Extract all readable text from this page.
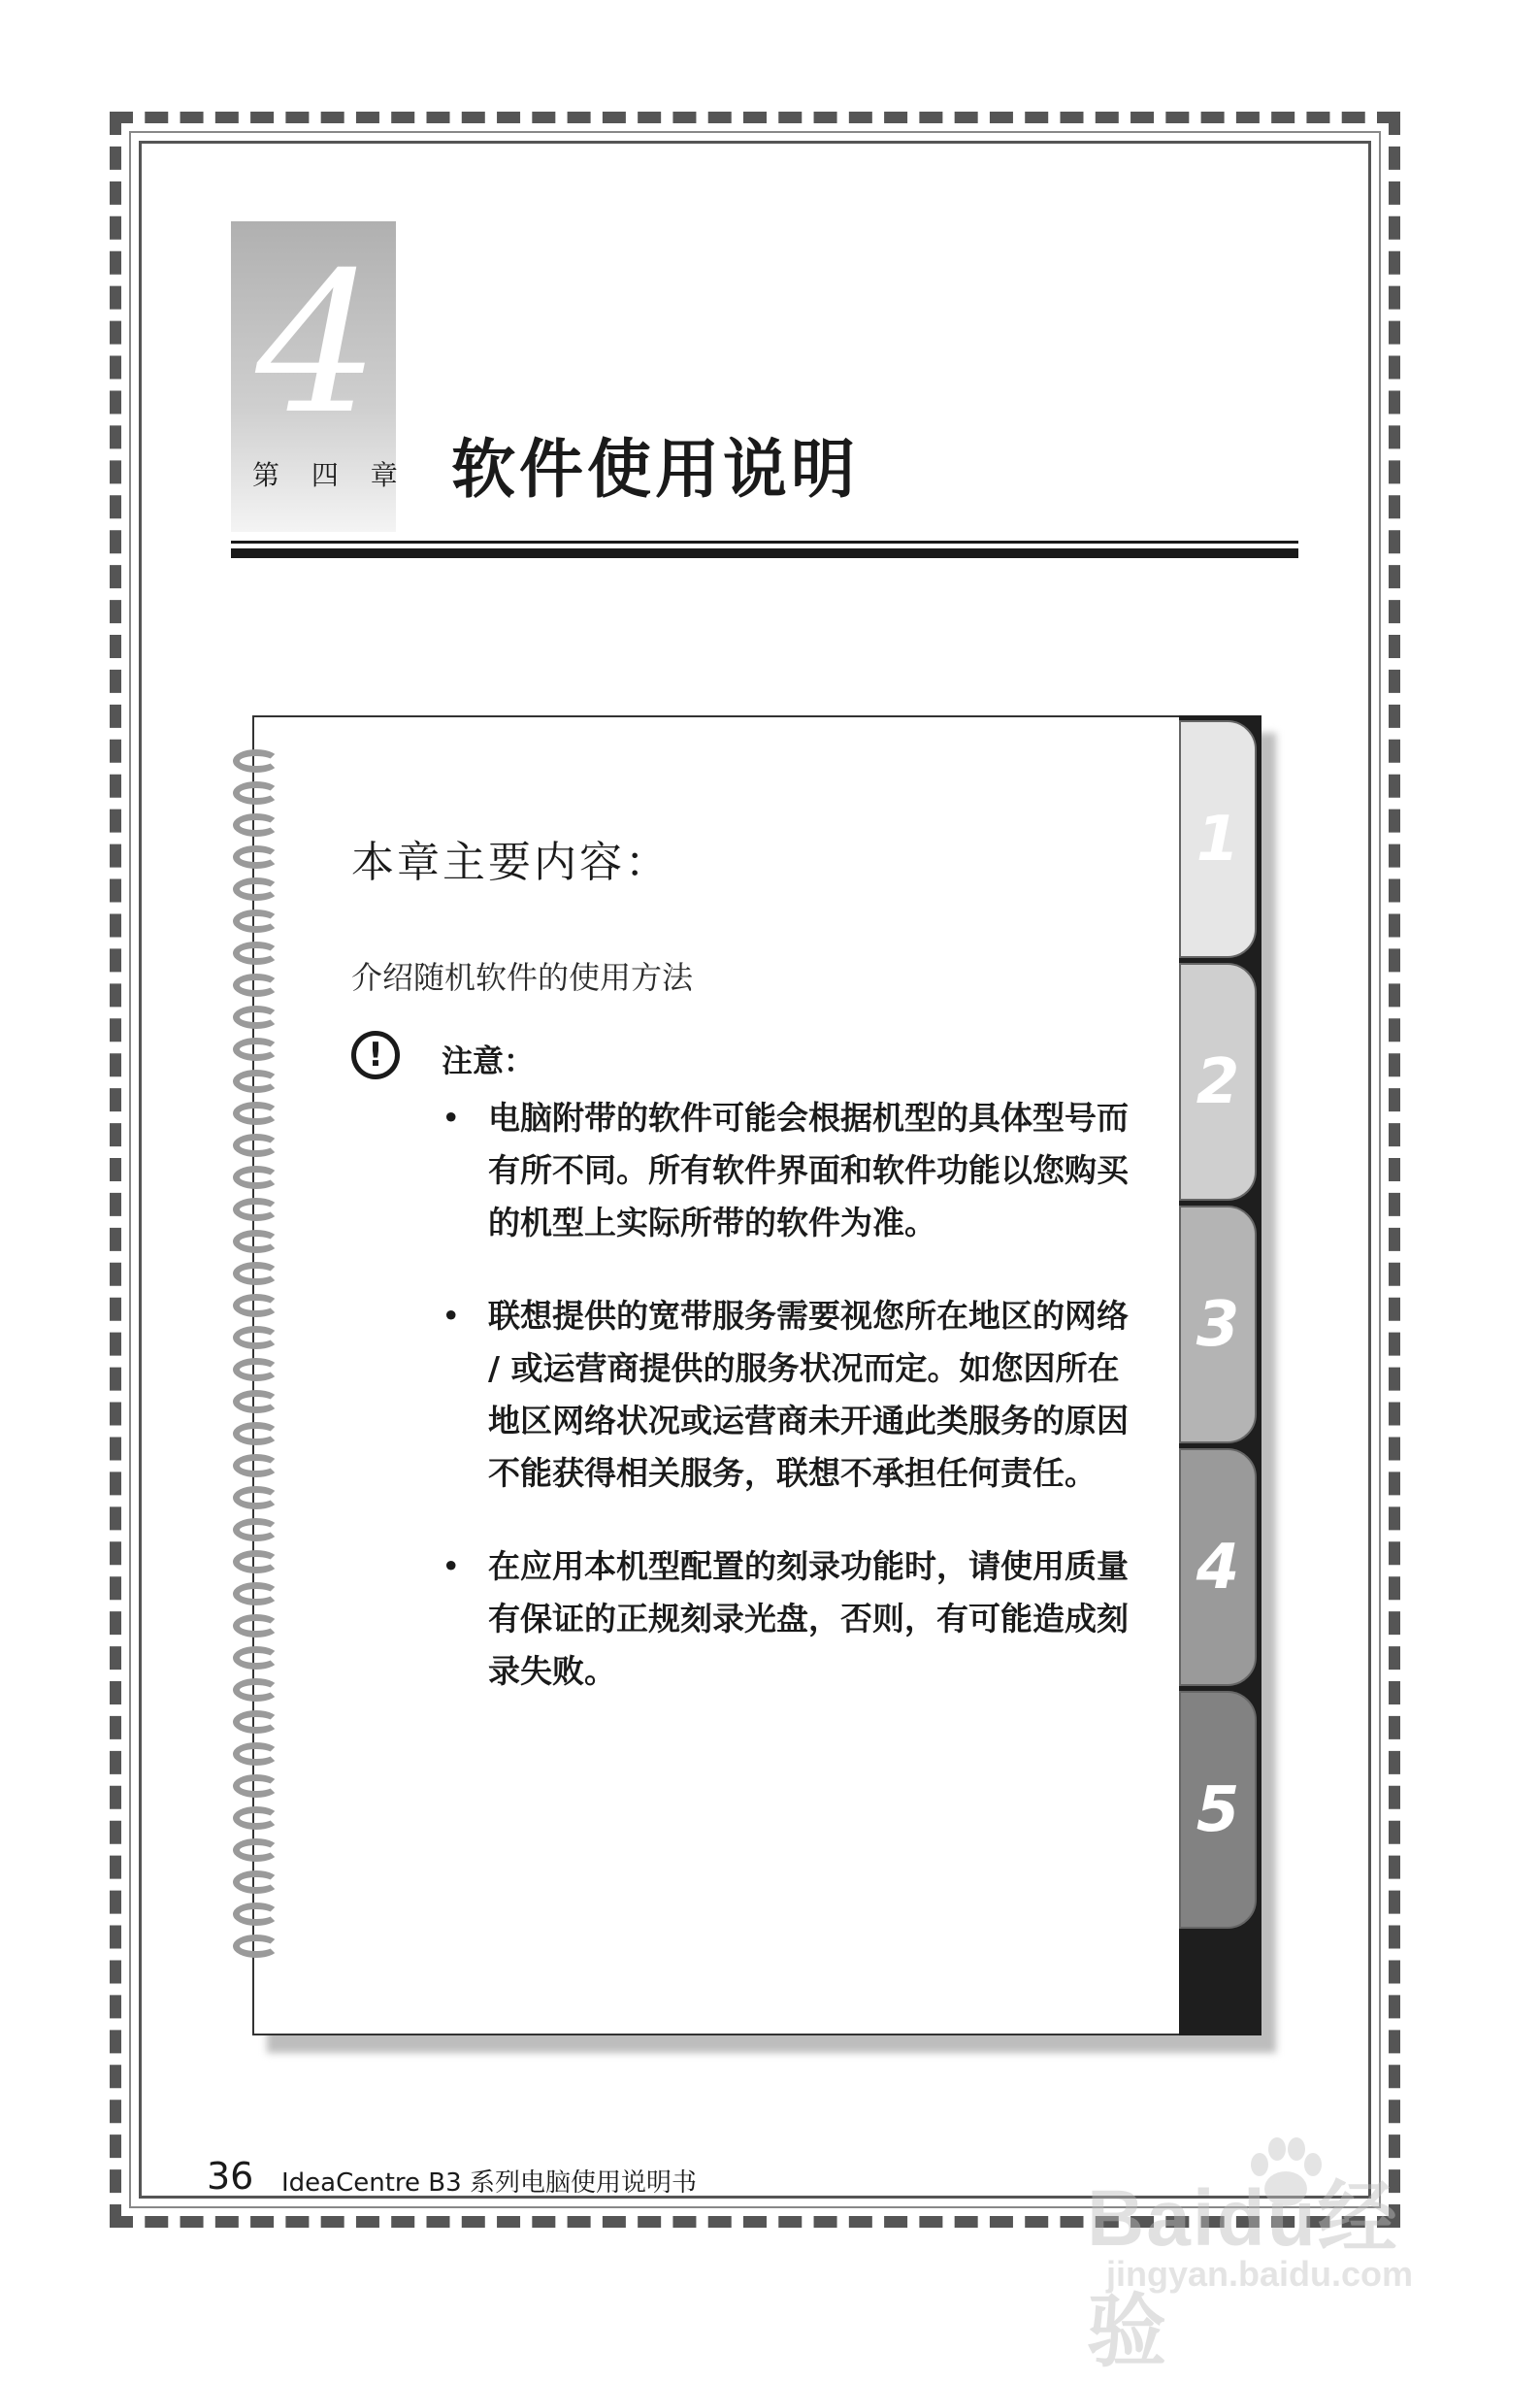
4
第 四 章 软件使用说明
1
2
3
4
5
本章主要内容：
介绍随机软件的使用方法
!	注意：
• 电脑附带的软件可能会根据机型的具体型号而有所不同。所有软件界面和软件功能以您购买的机型上实际所带的软件为准。
• 联想提供的宽带服务需要视您所在地区的网络 / 或运营商提供的服务状况而定。如您因所在地区网络状况或运营商未开通此类服务的原因不能获得相关服务，联想不承担任何责任。
• 在应用本机型配置的刻录功能时，请使用质量有保证的正规刻录光盘，否则，有可能造成刻录失败。
36 IdeaCentre B3 系列电脑使用说明书	Baidu经验
jingyan.baidu.com
